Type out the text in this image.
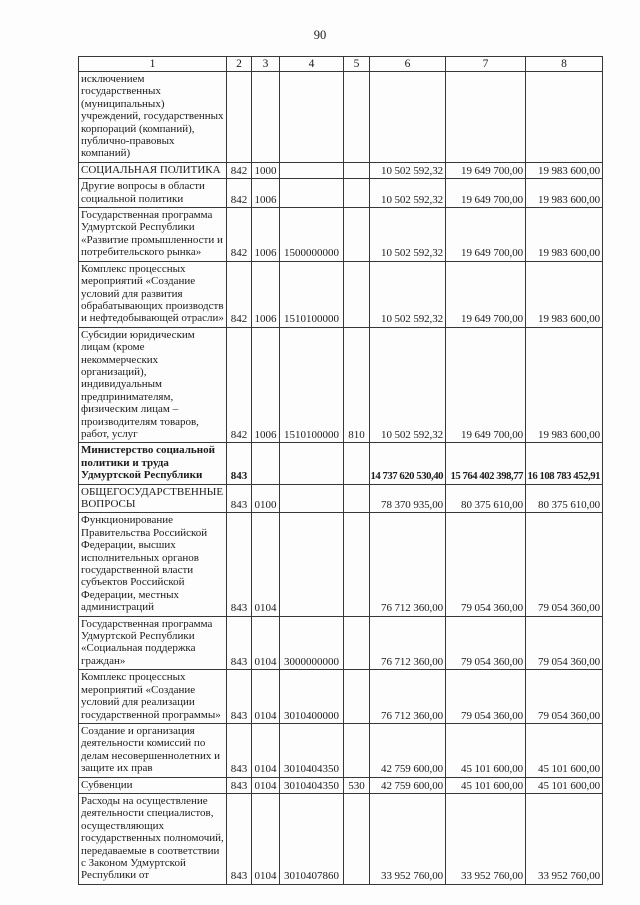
90
1	2	3	4	5	6	7	8
исключением государственных (муниципальных) учреждений, государственных корпораций (компаний), публично-правовых компаний)							
СОЦИАЛЬНАЯ ПОЛИТИКА	842	1000			10 502 592,32	19 649 700,00	19 983 600,00
Другие вопросы в области социальной политики	842	1006			10 502 592,32	19 649 700,00	19 983 600,00
Государственная программа Удмуртской Республики «Развитие промышленности и потребительского рынка»	842	1006	1500000000		10 502 592,32	19 649 700,00	19 983 600,00
Комплекс процессных мероприятий «Создание условий для развития обрабатывающих производств и нефтедобывающей отрасли»	842	1006	1510100000		10 502 592,32	19 649 700,00	19 983 600,00
Субсидии юридическим лицам (кроме некоммерческих организаций), индивидуальным предпринимателям, физическим лицам – производителям товаров, работ, услуг	842	1006	1510100000	810	10 502 592,32	19 649 700,00	19 983 600,00
Министерство социальной политики и труда Удмуртской Республики	843				14 737 620 530,40	15 764 402 398,77	16 108 783 452,91
ОБЩЕГОСУДАРСТВЕННЫЕ ВОПРОСЫ	843	0100			78 370 935,00	80 375 610,00	80 375 610,00
Функционирование Правительства Российской Федерации, высших исполнительных органов государственной власти субъектов Российской Федерации, местных администраций	843	0104			76 712 360,00	79 054 360,00	79 054 360,00
Государственная программа Удмуртской Республики «Социальная поддержка граждан»	843	0104	3000000000		76 712 360,00	79 054 360,00	79 054 360,00
Комплекс процессных мероприятий «Создание условий для реализации государственной программы»	843	0104	3010400000		76 712 360,00	79 054 360,00	79 054 360,00
Создание и организация деятельности комиссий по делам несовершеннолетних и защите их прав	843	0104	3010404350		42 759 600,00	45 101 600,00	45 101 600,00
Субвенции	843	0104	3010404350	530	42 759 600,00	45 101 600,00	45 101 600,00
Расходы на осуществление деятельности специалистов, осуществляющих государственных полномочий, передаваемые в соответствии с Законом Удмуртской Республики от	843	0104	3010407860		33 952 760,00	33 952 760,00	33 952 760,00
